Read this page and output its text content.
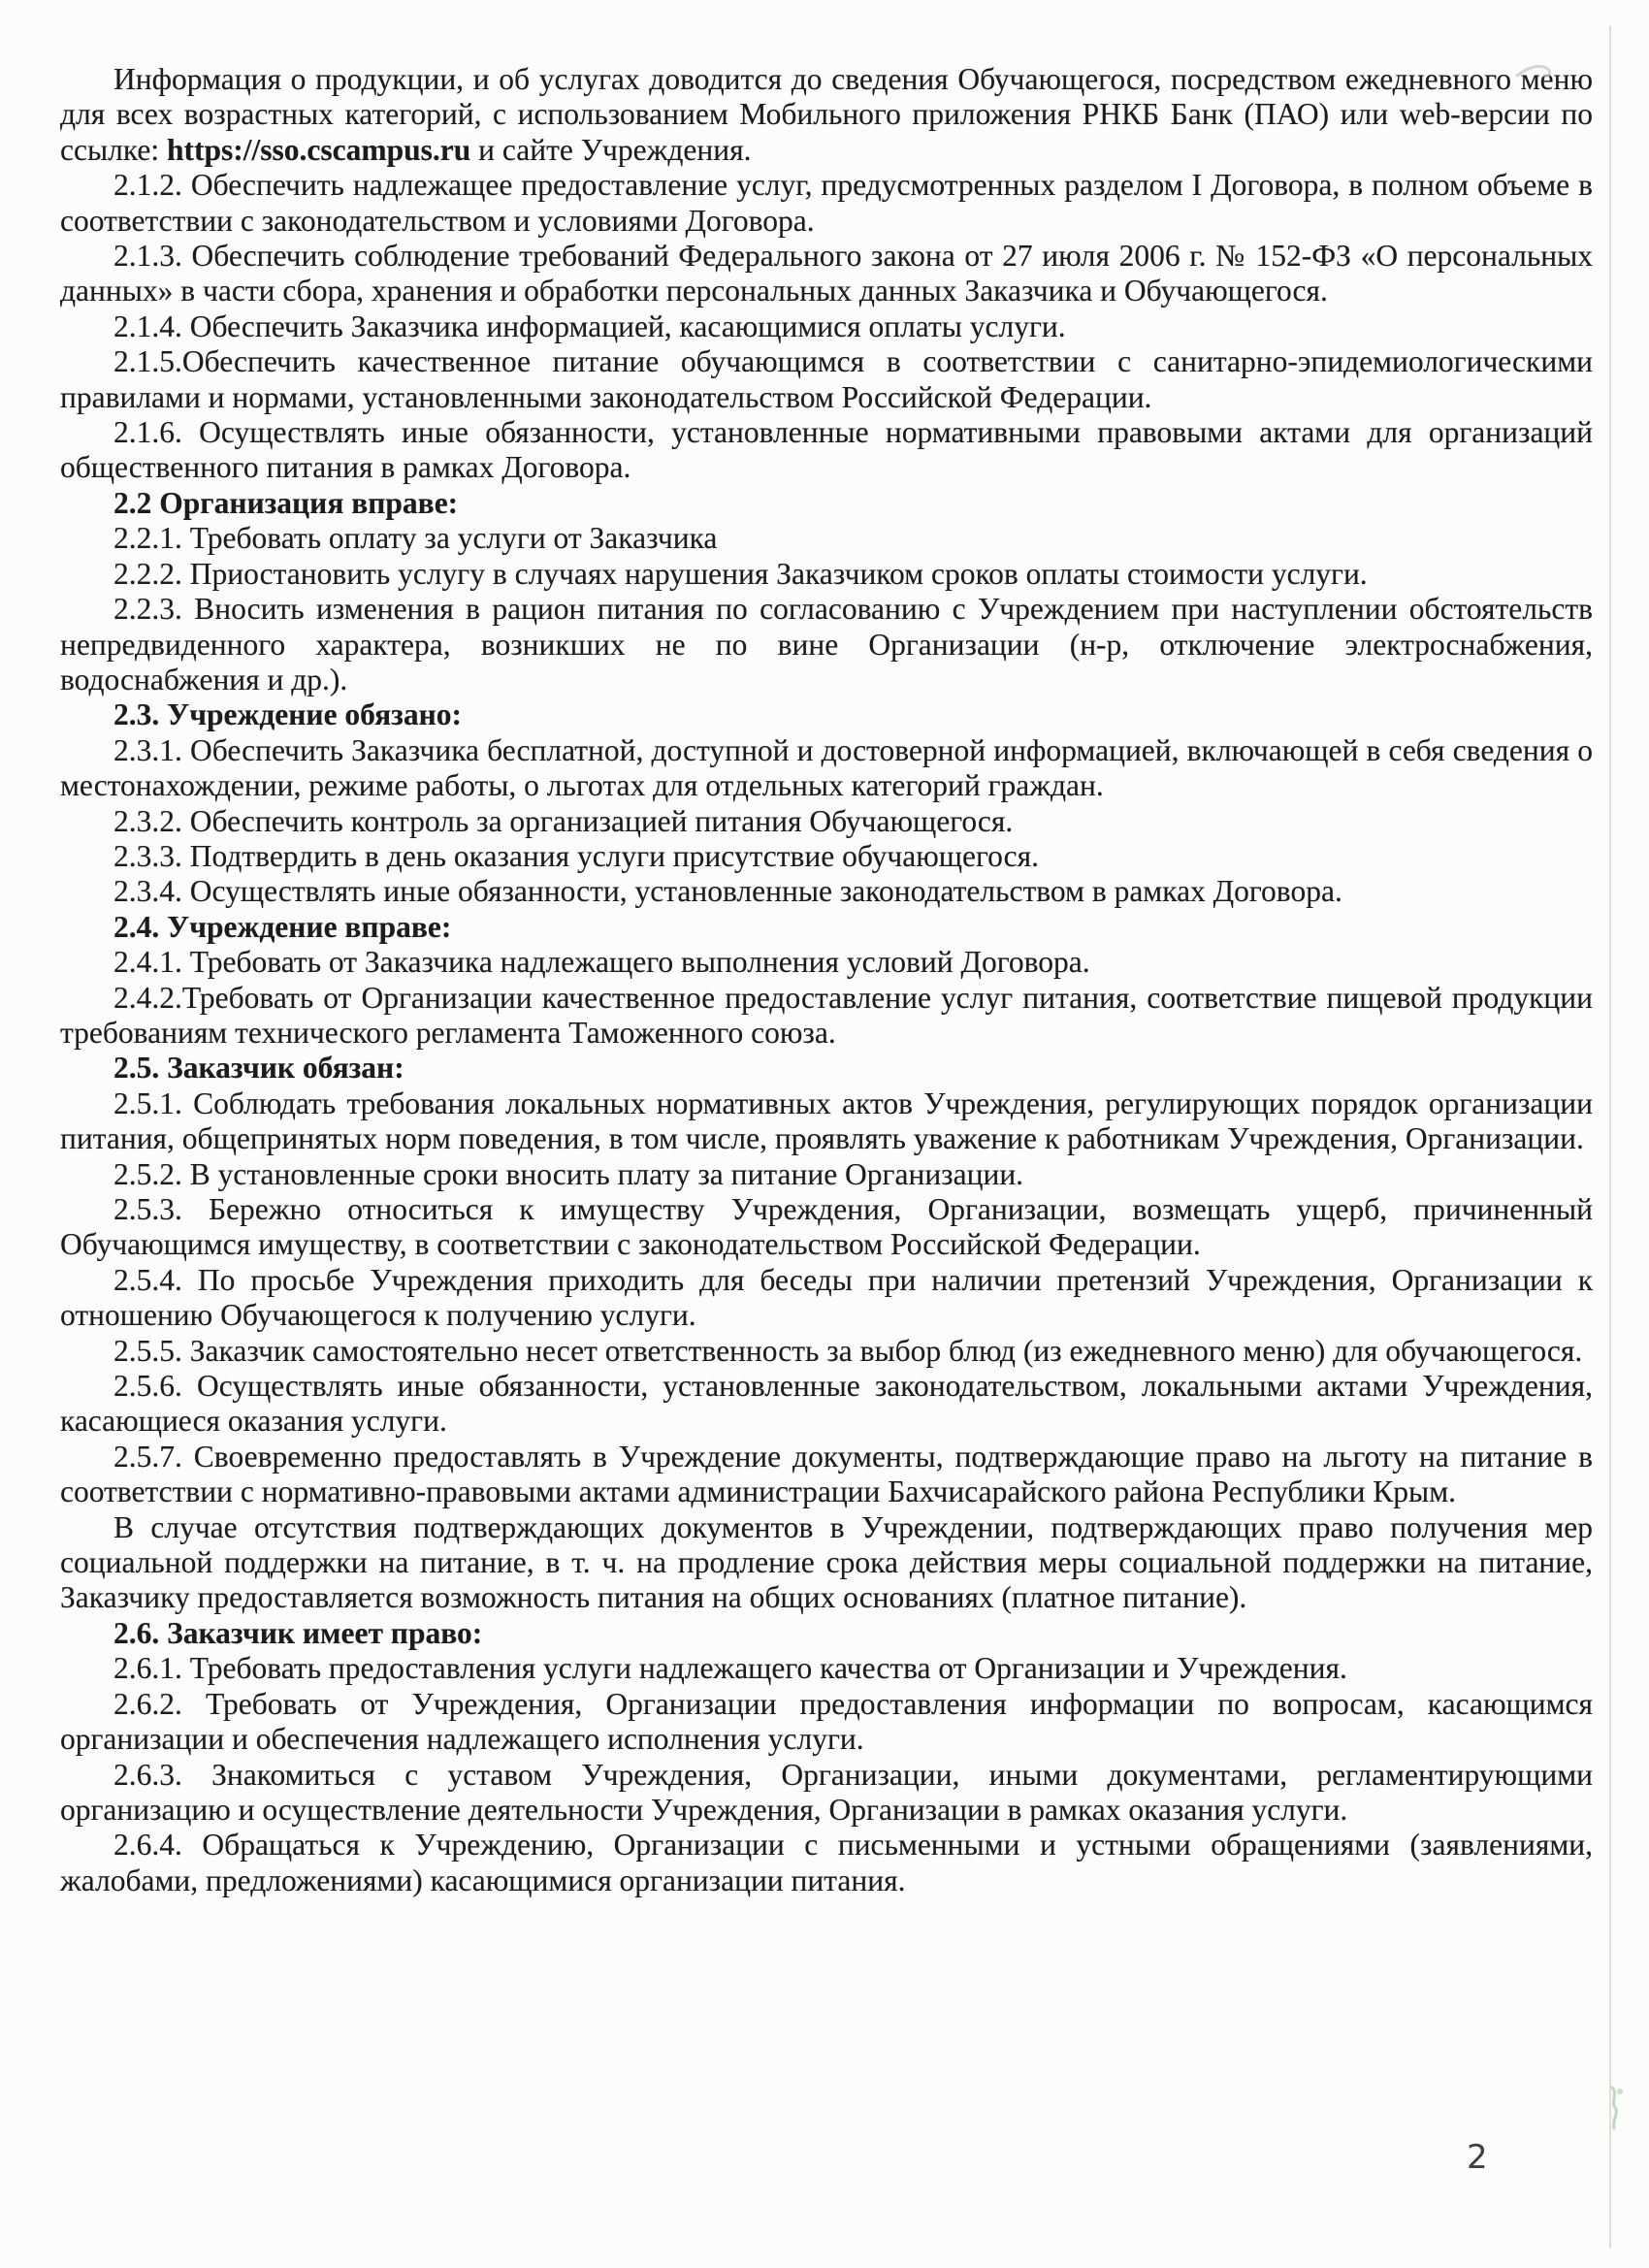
Информация о продукции, и об услугах доводится до сведения Обучающегося, посредством ежедневного меню для всех возрастных категорий, с использованием Мобильного приложения РНКБ Банк (ПАО) или web-версии по ссылке: https://sso.cscampus.ru и сайте Учреждения.

2.1.2. Обеспечить надлежащее предоставление услуг, предусмотренных разделом I Договора, в полном объеме в соответствии с законодательством и условиями Договора.

2.1.3. Обеспечить соблюдение требований Федерального закона от 27 июля 2006 г. № 152-ФЗ «О персональных данных» в части сбора, хранения и обработки персональных данных Заказчика и Обучающегося.

2.1.4. Обеспечить Заказчика информацией, касающимися оплаты услуги.

2.1.5.Обеспечить качественное питание обучающимся в соответствии с санитарно-эпидемиологическими правилами и нормами, установленными законодательством Российской Федерации.

2.1.6. Осуществлять иные обязанности, установленные нормативными правовыми актами для организаций общественного питания в рамках Договора.

2.2 Организация вправе:

2.2.1. Требовать оплату за услуги от Заказчика

2.2.2. Приостановить услугу в случаях нарушения Заказчиком сроков оплаты стоимости услуги.

2.2.3. Вносить изменения в рацион питания по согласованию с Учреждением при наступлении обстоятельств непредвиденного характера, возникших не по вине Организации (н-р, отключение электроснабжения, водоснабжения и др.).

2.3. Учреждение обязано:

2.3.1. Обеспечить Заказчика бесплатной, доступной и достоверной информацией, включающей в себя сведения о местонахождении, режиме работы, о льготах для отдельных категорий граждан.

2.3.2. Обеспечить контроль за организацией питания Обучающегося.

2.3.3. Подтвердить в день оказания услуги присутствие обучающегося.

2.3.4. Осуществлять иные обязанности, установленные законодательством в рамках Договора.

2.4. Учреждение вправе:

2.4.1. Требовать от Заказчика надлежащего выполнения условий Договора.

2.4.2.Требовать от Организации качественное предоставление услуг питания, соответствие пищевой продукции требованиям технического регламента Таможенного союза.

2.5. Заказчик обязан:

2.5.1. Соблюдать требования локальных нормативных актов Учреждения, регулирующих порядок организации питания, общепринятых норм поведения, в том числе, проявлять уважение к работникам Учреждения, Организации.

2.5.2. В установленные сроки вносить плату за питание Организации.

2.5.3. Бережно относиться к имуществу Учреждения, Организации, возмещать ущерб, причиненный Обучающимся имуществу, в соответствии с законодательством Российской Федерации.

2.5.4. По просьбе Учреждения приходить для беседы при наличии претензий Учреждения, Организации к отношению Обучающегося к получению услуги.

2.5.5. Заказчик самостоятельно несет ответственность за выбор блюд (из ежедневного меню) для обучающегося.

2.5.6. Осуществлять иные обязанности, установленные законодательством, локальными актами Учреждения, касающиеся оказания услуги.

2.5.7. Своевременно предоставлять в Учреждение документы, подтверждающие право на льготу на питание в соответствии с нормативно-правовыми актами администрации Бахчисарайского района Республики Крым.

В случае отсутствия подтверждающих документов в Учреждении, подтверждающих право получения мер социальной поддержки на питание, в т. ч. на продление срока действия меры социальной поддержки на питание, Заказчику предоставляется возможность питания на общих основаниях (платное питание).

2.6. Заказчик имеет право:

2.6.1. Требовать предоставления услуги надлежащего качества от Организации и Учреждения.

2.6.2. Требовать от Учреждения, Организации предоставления информации по вопросам, касающимся организации и обеспечения надлежащего исполнения услуги.

2.6.3. Знакомиться с уставом Учреждения, Организации, иными документами, регламентирующими организацию и осуществление деятельности Учреждения, Организации в рамках оказания услуги.

2.6.4. Обращаться к Учреждению, Организации с письменными и устными обращениями (заявлениями, жалобами, предложениями) касающимися организации питания.

2
